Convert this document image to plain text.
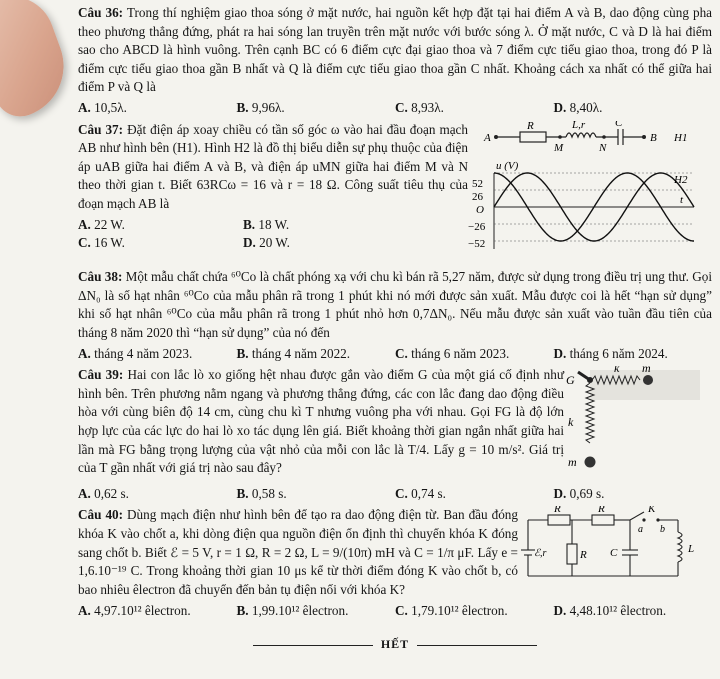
Câu 36: Trong thí nghiệm giao thoa sóng ở mặt nước, hai nguồn kết hợp đặt tại hai điểm A và B, dao động cùng pha theo phương thẳng đứng, phát ra hai sóng lan truyền trên mặt nước với bước sóng λ. Ở mặt nước, C và D là hai điểm sao cho ABCD là hình vuông. Trên cạnh BC có 6 điểm cực đại giao thoa và 7 điểm cực tiểu giao thoa, trong đó P là điểm cực tiểu giao thoa gần B nhất và Q là điểm cực tiểu giao thoa gần C nhất. Khoảng cách xa nhất có thể giữa hai điểm P và Q là

A. 10,5λ.	B. 9,96λ.	C. 8,93λ.	D. 8,40λ.

Câu 37: Đặt điện áp xoay chiều có tần số góc ω vào hai đầu đoạn mạch AB như hình bên (H1). Hình H2 là đồ thị biểu diễn sự phụ thuộc của điện áp uAB giữa hai điểm A và B, và điện áp uMN giữa hai điểm M và N theo thời gian t. Biết 63RCω = 16 và r = 18 Ω. Công suất tiêu thụ của đoạn mạch AB là

A. 22 W.	B. 18 W.
C. 16 W.	D. 20 W.
A
R	L,r	C
B
M	N
H1
u (V)
52
26
O
−26
−52
t
H2

Câu 38: Một mẫu chất chứa ⁶⁰Co là chất phóng xạ với chu kì bán rã 5,27 năm, được sử dụng trong điều trị ung thư. Gọi ΔN₀ là số hạt nhân ⁶⁰Co của mẫu phân rã trong 1 phút khi nó mới được sản xuất. Mẫu được coi là hết “hạn sử dụng” khi số hạt nhân ⁶⁰Co của mẫu phân rã trong 1 phút nhỏ hơn 0,7ΔN₀. Nếu mẫu được sản xuất vào tuần đầu tiên của tháng 8 năm 2020 thì “hạn sử dụng” của nó đến

A. tháng 4 năm 2023.	B. tháng 4 năm 2022.	C. tháng 6 năm 2023.	D. tháng 6 năm 2024.

Câu 39: Hai con lắc lò xo giống hệt nhau được gắn vào điểm G của một giá cố định như hình bên. Trên phương nằm ngang và phương thẳng đứng, các con lắc đang dao động điều hòa với cùng biên độ 14 cm, cùng chu kì T nhưng vuông pha với nhau. Gọi FG là độ lớn hợp lực của các lực do hai lò xo tác dụng lên giá. Biết khoảng thời gian ngắn nhất giữa hai lần mà FG bằng trọng lượng của vật nhỏ của mỗi con lắc là T/4. Lấy g = 10 m/s². Giá trị của T gần nhất với giá trị nào sau đây?

G
k m
k
m
A. 0,62 s.	B. 0,58 s.	C. 0,74 s.	D. 0,69 s.

Câu 40: Dùng mạch điện như hình bên để tạo ra dao động điện từ. Ban đầu đóng khóa K vào chốt a, khi dòng điện qua nguồn điện ổn định thì chuyển khóa K đóng sang chốt b. Biết ℰ = 5 V, r = 1 Ω, R = 2 Ω, L = 9/(10π) mH và C = 1/π μF. Lấy e = 1,6.10⁻¹⁹ C. Trong khoảng thời gian 10 μs kể từ thời điểm đóng K vào chốt b, có bao nhiêu êlectron đã chuyển đến bản tụ điện nối với khóa K?

R	R	K
a b
ℰ,r	R C	L
A. 4,97.10¹² êlectron.	B. 1,99.10¹² êlectron.	C. 1,79.10¹² êlectron.	D. 4,48.10¹² êlectron.
HẾT
